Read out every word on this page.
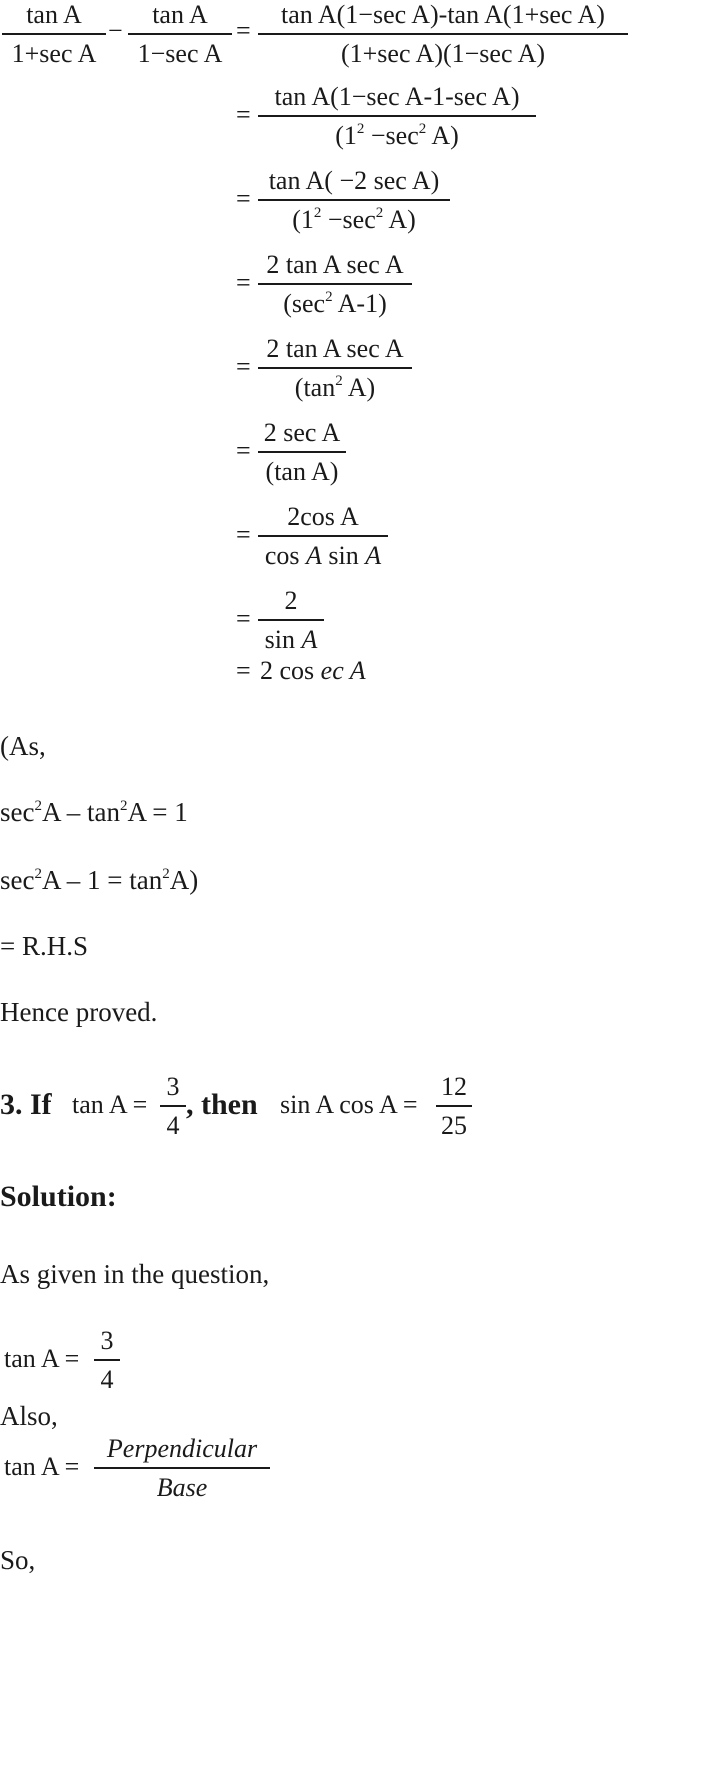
tan A
1+sec A
−
tan A
1−sec A
=
tan A(1−sec A)-tan A(1+sec A)
(1+sec A)(1−sec A)
=
tan A(1−sec A-1-sec A)
($1^2 -\sec^2$ A)
=
tan A( −2 sec A)
($1^2 -\sec^2$ A)
=
2 tan A sec A
($\sec^2$ A-1)
=
2 tan A sec A
($\tan^2$ A)
=
2 sec A
(tan A)
=
2cos A
cos A sin A
=
2
sin A
= 2 cos ec A
(As,
$\sec^2A - \tan^2A = 1$
$\sec^2A - 1 = \tan^2A$)
= R.H.S
Hence proved.
3. If tan A =
3
4
, then sin A cos A =
12
25
Solution:
As given in the question,
tan A =
3
4
Also,
tan A =
Perpendicular
Base
So,
